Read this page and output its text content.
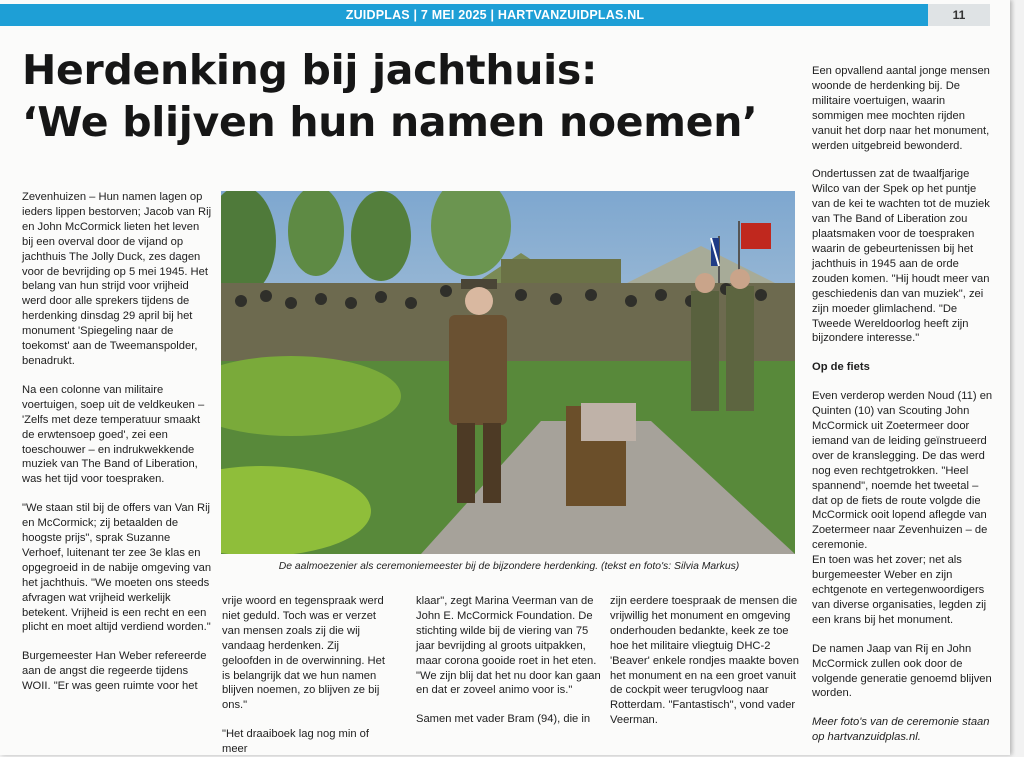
ZUIDPLAS | 7 MEI 2025 | HARTVANZUIDPLAS.NL	11
Herdenking bij jachthuis:
‘We blijven hun namen noemen’

Zevenhuizen – Hun namen lagen op ieders lippen bestorven; Jacob van Rij en John McCormick lieten het leven bij een overval door de vijand op jachthuis The Jolly Duck, zes dagen voor de bevrijding op 5 mei 1945. Het belang van hun strijd voor vrijheid werd door alle sprekers tijdens de herdenking dinsdag 29 april bij het monument 'Spiegeling naar de toekomst' aan de Tweemanspolder, benadrukt.

Na een colonne van militaire voertuigen, soep uit de veldkeuken – 'Zelfs met deze temperatuur smaakt de erwtensoep goed', zei een toeschouwer – en indrukwekkende muziek van The Band of Liberation, was het tijd voor toespraken.

"We staan stil bij de offers van Van Rij en McCormick; zij betaalden de hoogste prijs", sprak Suzanne Verhoef, luitenant ter zee 3e klas en opgegroeid in de nabije omgeving van het jachthuis. "We moeten ons steeds afvragen wat vrijheid werkelijk betekent. Vrijheid is een recht en een plicht en moet altijd verdiend worden."

Burgemeester Han Weber refereerde aan de angst die regeerde tijdens WOII. "Er was geen ruimte voor het

De aalmoezenier als ceremoniemeester bij de bijzondere herdenking. (tekst en foto's: Silvia Markus)

vrije woord en tegenspraak werd niet geduld. Toch was er verzet van mensen zoals zij die wij vandaag herdenken. Zij geloofden in de overwinning. Het is belangrijk dat we hun namen blijven noemen, zo blijven ze bij ons."

"Het draaiboek lag nog min of meer

klaar", zegt Marina Veerman van de John E. McCormick Foundation. De stichting wilde bij de viering van 75 jaar bevrijding al groots uitpakken, maar corona gooide roet in het eten. "We zijn blij dat het nu door kan gaan en dat er zoveel animo voor is."

Samen met vader Bram (94), die in

zijn eerdere toespraak de mensen die vrijwillig het monument en omgeving onderhouden bedankte, keek ze toe hoe het militaire vliegtuig DHC-2 'Beaver' enkele rondjes maakte boven het monument en na een groet vanuit de cockpit weer terugvloog naar Rotterdam. "Fantastisch", vond vader Veerman.

Een opvallend aantal jonge mensen woonde de herdenking bij. De militaire voertuigen, waarin sommigen mee mochten rijden vanuit het dorp naar het monument, werden uitgebreid bewonderd.

Ondertussen zat de twaalfjarige Wilco van der Spek op het puntje van de kei te wachten tot de muziek van The Band of Liberation zou plaatsmaken voor de toespraken waarin de gebeurtenissen bij het jachthuis in 1945 aan de orde zouden komen. "Hij houdt meer van geschiedenis dan van muziek", zei zijn moeder glimlachend. "De Tweede Wereldoorlog heeft zijn bijzondere interesse."

Op de fiets

Even verderop werden Noud (11) en Quinten (10) van Scouting John McCormick uit Zoetermeer door iemand van de leiding geïnstrueerd over de kranslegging. De das werd nog even rechtgetrokken. "Heel spannend", noemde het tweetal – dat op de fiets de route volgde die McCormick ooit lopend aflegde van Zoetermeer naar Zevenhuizen – de ceremonie.

En toen was het zover; net als burgemeester Weber en zijn echtgenote en vertegenwoordigers van diverse organisaties, legden zij een krans bij het monument.

De namen Jaap van Rij en John McCormick zullen ook door de volgende generatie genoemd blijven worden.

Meer foto's van de ceremonie staan op hartvanzuidplas.nl.
